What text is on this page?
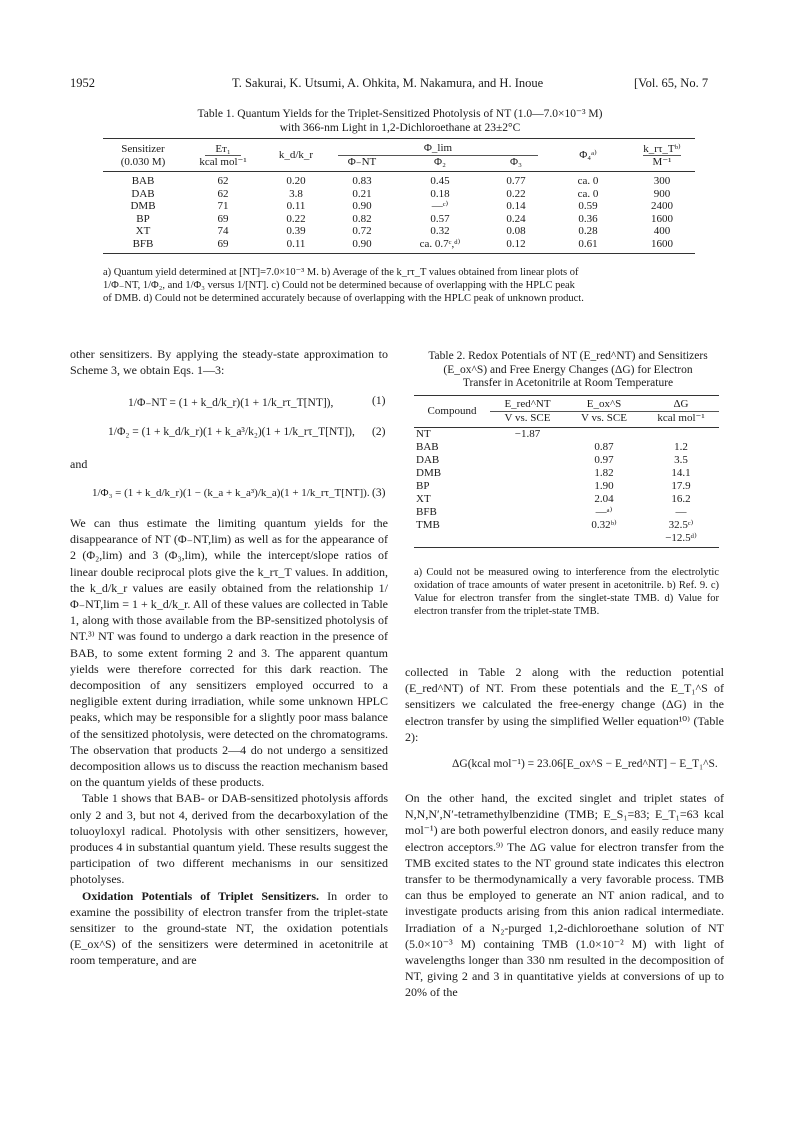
1952	T. Sakurai, K. Utsumi, A. Ohkita, M. Nakamura, and H. Inoue	[Vol. 65, No. 7
Table 1. Quantum Yields for the Triplet-Sensitized Photolysis of NT (1.0—7.0×10⁻³ M)
with 366-nm Light in 1,2-Dichloroethane at 23±2°C
Sensitizer	Eᴛ₁	k_d/k_r	Φ_lim			Φ₄ᵃ⁾	k_rτ_Tᵇ⁾
(0.030 M)	kcal mol⁻¹		Φ₋NT	Φ₂	Φ₃		M⁻¹
BAB	62	0.20	0.83	0.45	0.77	ca. 0	300
DAB	62	3.8	0.21	0.18	0.22	ca. 0	900
DMB	71	0.11	0.90	—ᶜ⁾	0.14	0.59	2400
BP	69	0.22	0.82	0.57	0.24	0.36	1600
XT	74	0.39	0.72	0.32	0.08	0.28	400
BFB	69	0.11	0.90	ca. 0.7ᶜ,ᵈ⁾	0.12	0.61	1600
a) Quantum yield determined at [NT]=7.0×10⁻³ M. b) Average of the k_rτ_T values obtained from linear plots of
1/Φ₋NT, 1/Φ₂, and 1/Φ₃ versus 1/[NT]. c) Could not be determined because of overlapping with the HPLC peak
of DMB. d) Could not be determined accurately because of overlapping with the HPLC peak of unknown product.

other sensitizers. By applying the steady-state approximation to Scheme 3, we obtain Eqs. 1—3:

1/Φ₋NT = (1 + k_d/k_r)(1 + 1/k_rτ_T[NT]),	(1)
1/Φ₂ = (1 + k_d/k_r)(1 + k_a³/k₂)(1 + 1/k_rτ_T[NT]), (2)
and
1/Φ₃ = (1 + k_d/k_r)(1 − (k_a + k_a³)/k_a)(1 + 1/k_rτ_T[NT]). (3)

We can thus estimate the limiting quantum yields for the disappearance of NT (Φ₋NT,lim) as well as for the appearance of 2 (Φ₂,lim) and 3 (Φ₃,lim), while the intercept/slope ratios of linear double reciprocal plots give the k_rτ_T values. In addition, the k_d/k_r values are easily obtained from the relationship 1/Φ₋NT,lim = 1 + k_d/k_r. All of these values are collected in Table 1, along with those available from the BP-sensitized photolysis of NT.³⁾ NT was found to undergo a dark reaction in the presence of BAB, to some extent forming 2 and 3. The apparent quantum yields were therefore corrected for this dark reaction. The decomposition of any sensitizers employed occurred to a negligible extent during irradiation, while some unknown HPLC peaks, which may be responsible for a slightly poor mass balance of the sensitized photolysis, were detected on the chromatograms. The observation that products 2—4 do not undergo a sensitized decomposition allows us to discuss the reaction mechanism based on the quantum yields of these products.

Table 1 shows that BAB- or DAB-sensitized photolysis affords only 2 and 3, but not 4, derived from the decarboxylation of the toluoyloxyl radical. Photolysis with other sensitizers, however, produces 4 in substantial quantum yield. These results suggest the participation of two different mechanisms in our sensitized photolyses.

Oxidation Potentials of Triplet Sensitizers. In order to examine the possibility of electron transfer from the triplet-state sensitizer to the ground-state NT, the oxidation potentials (E_ox^S) of the sensitizers were determined in acetonitrile at room temperature, and are

Table 2. Redox Potentials of NT (E_red^NT) and Sensitizers
(E_ox^S) and Free Energy Changes (ΔG) for Electron
Transfer in Acetonitrile at Room Temperature
Compound	E_red^NT	E_ox^S	ΔG
	V vs. SCE	V vs. SCE	kcal mol⁻¹
NT	−1.87		
BAB		0.87	1.2
DAB		0.97	3.5
DMB		1.82	14.1
BP		1.90	17.9
XT		2.04	16.2
BFB		—ᵃ⁾	—
TMB		0.32ᵇ⁾	32.5ᶜ⁾
			−12.5ᵈ⁾
a) Could not be measured owing to interference from the electrolytic oxidation of trace amounts of water present in acetonitrile. b) Ref. 9. c) Value for electron transfer from the singlet-state TMB. d) Value for electron transfer from the triplet-state TMB.

collected in Table 2 along with the reduction potential (E_red^NT) of NT. From these potentials and the E_T₁^S of sensitizers we calculated the free-energy change (ΔG) in the electron transfer by using the simplified Weller equation¹⁰⁾ (Table 2):

ΔG(kcal mol⁻¹) = 23.06[E_ox^S − E_red^NT] − E_T₁^S.

On the other hand, the excited singlet and triplet states of N,N,N′,N′-tetramethylbenzidine (TMB; E_S₁=83; E_T₁=63 kcal mol⁻¹) are both powerful electron donors, and easily reduce many electron acceptors.⁹⁾ The ΔG value for electron transfer from the TMB excited states to the NT ground state indicates this electron transfer to be thermodynamically a very favorable process. TMB can thus be employed to generate an NT anion radical, and to investigate products arising from this anion radical intermediate. Irradiation of a N₂-purged 1,2-dichloroethane solution of NT (5.0×10⁻³ M) containing TMB (1.0×10⁻² M) with light of wavelengths longer than 330 nm resulted in the decomposition of NT, giving 2 and 3 in quantitative yields at conversions of up to 20% of the
